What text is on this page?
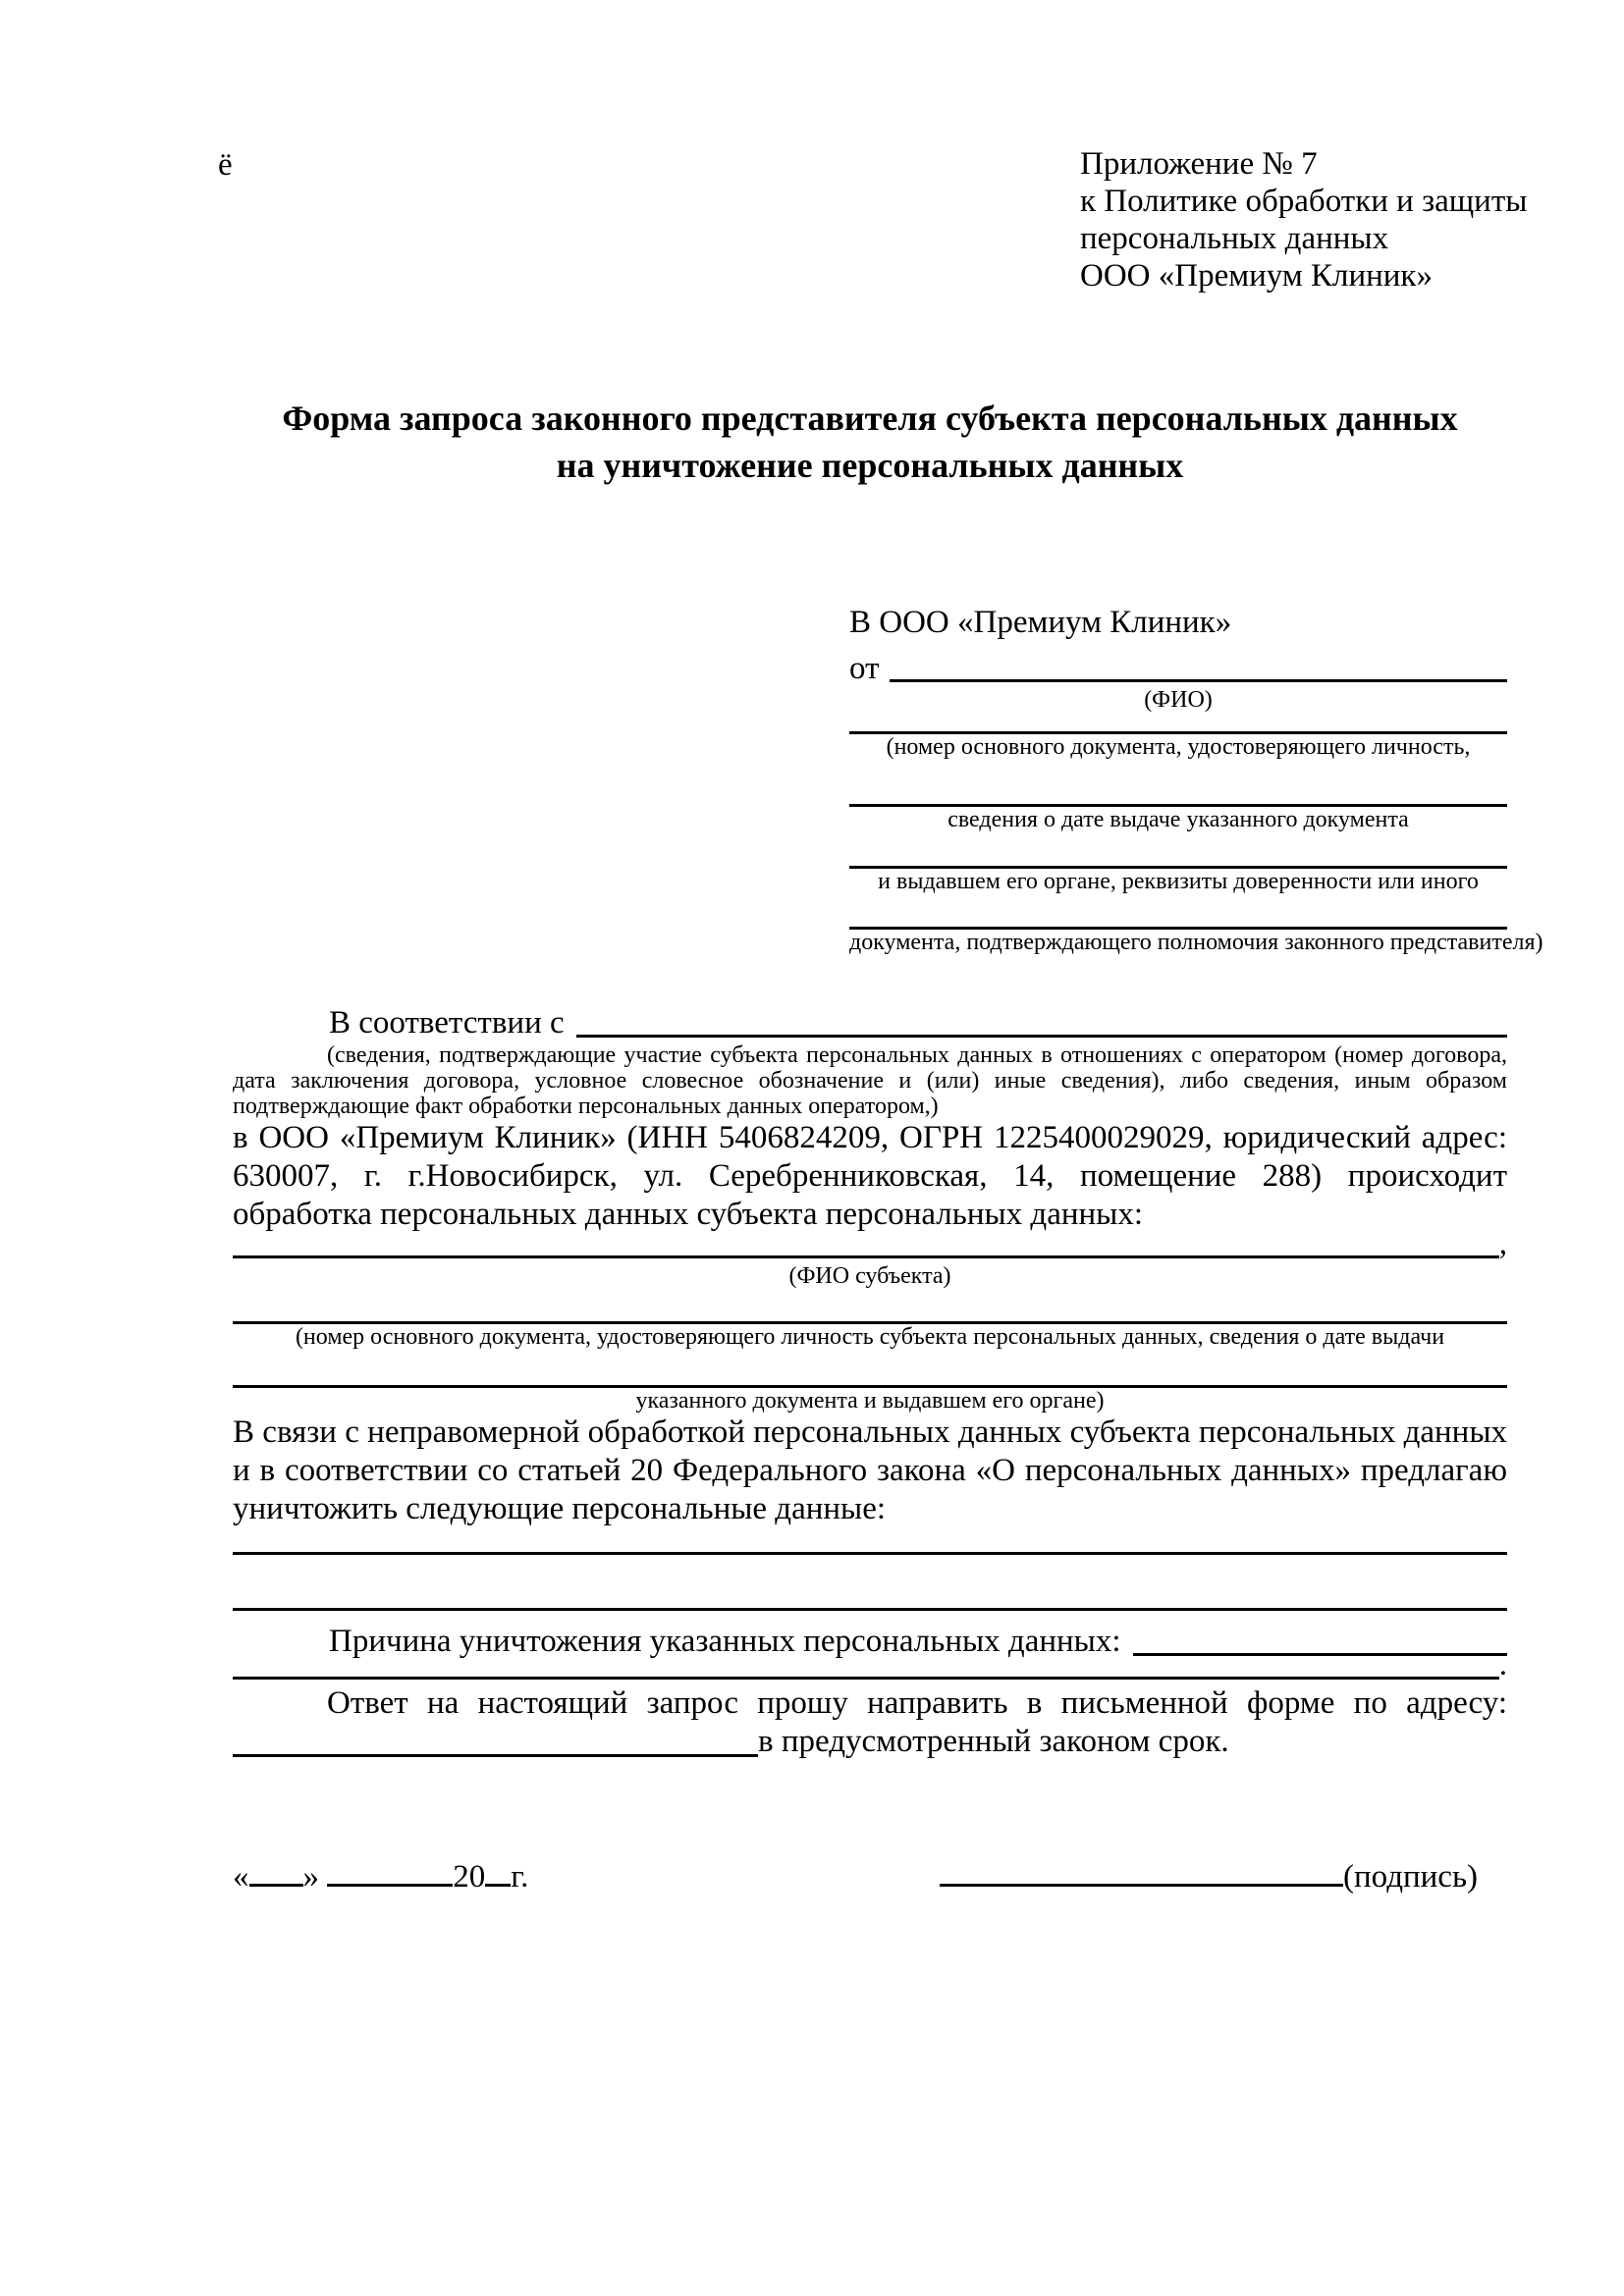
ё	Приложение № 7
к Политике обработки и защиты
персональных данных
ООО «Премиум Клиник»
Форма запроса законного представителя субъекта персональных данных
на уничтожение персональных данных
В ООО «Премиум Клиник»
от
(ФИО)
(номер основного документа, удостоверяющего личность,
сведения о дате выдаче указанного документа
и выдавшем его органе, реквизиты доверенности или иного
документа, подтверждающего полномочия законного представителя)
В соответствии с

(сведения, подтверждающие участие субъекта персональных данных в отношениях с оператором (номер договора, дата заключения договора, условное словесное обозначение и (или) иные сведения), либо сведения, иным образом подтверждающие факт обработки персональных данных оператором,)

в ООО «Премиум Клиник» (ИНН 5406824209, ОГРН 1225400029029, юридический адрес: 630007, г. г.Новосибирск, ул. Серебренниковская, 14, помещение 288) происходит обработка персональных данных субъекта персональных данных:

,
(ФИО субъекта)
(номер основного документа, удостоверяющего личность субъекта персональных данных, сведения о дате выдачи
указанного документа и выдавшем его органе)

В связи с неправомерной обработкой персональных данных субъекта персональных данных и в соответствии со статьей 20 Федерального закона «О персональных данных» предлагаю уничтожить следующие персональные данные:

Причина уничтожения указанных персональных данных:
.

Ответ на настоящий запрос прошу направить в письменной форме по адресу:

в предусмотренный законом срок.
« »	20 г.	(подпись)
